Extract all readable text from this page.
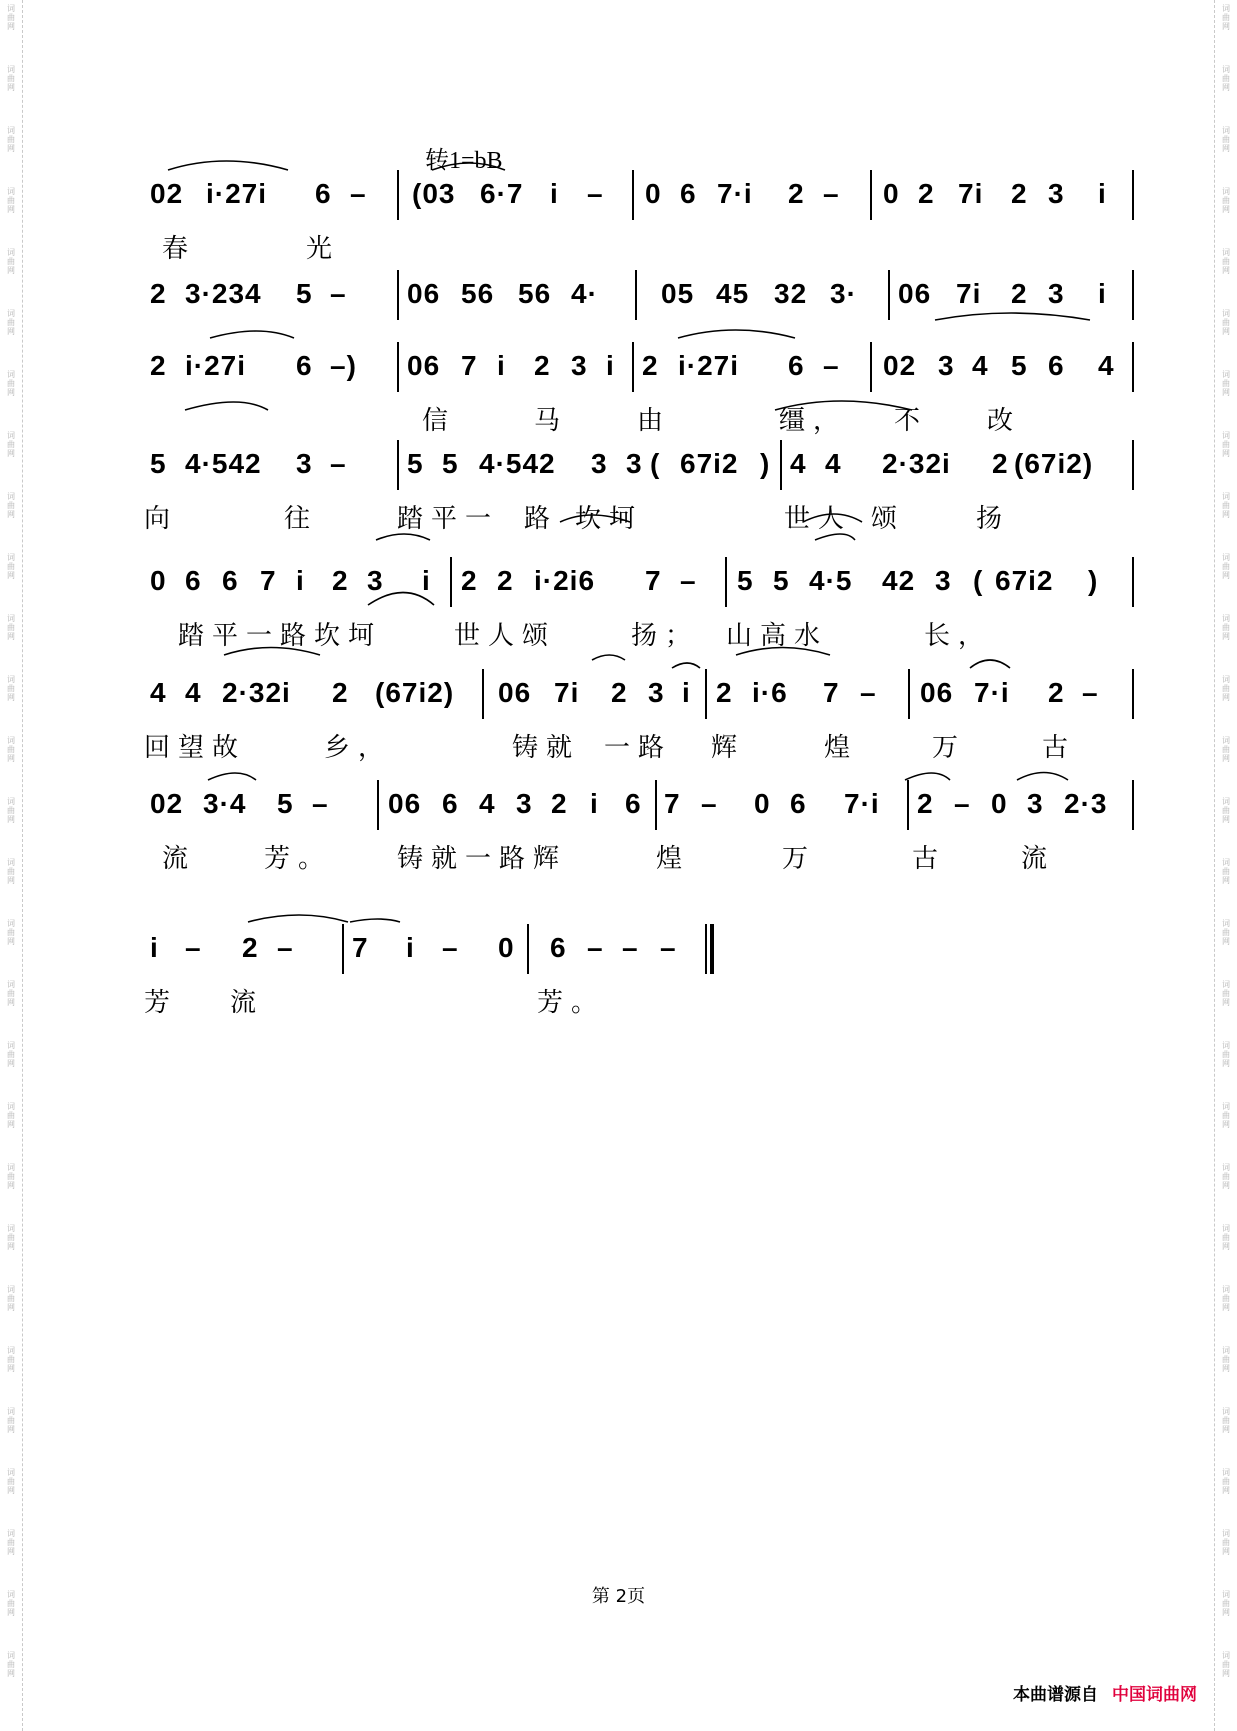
词
曲
网
词
曲
网
词
曲
网
词
曲
网
词
曲
网
词
曲
网
词
曲
网
词
曲
网
词
曲
网
词
曲
网
词
曲
网
词
曲
网
词
曲
网
词
曲
网
词
曲
网
词
曲
网
词
曲
网
词
曲
网
词
曲
网
词
曲
网
词
曲
网
词
曲
网
词
曲
网
词
曲
网
词
曲
网
词
曲
网
词
曲
网
词
曲
网
词
曲
网
词
曲
网
词
曲
网
词
曲
网
词
曲
网
词
曲
网
词
曲
网
词
曲
网
词
曲
网
词
曲
网
词
曲
网
词
曲
网
词
曲
网
词
曲
网
词
曲
网
词
曲
网
词
曲
网
词
曲
网
词
曲
网
词
曲
网
词
曲
网
词
曲
网
词
曲
网
词
曲
网
词
曲
网
词
曲
网
词
曲
网
词
曲
网
转1=bB
02 i·27i 6 – (03 6·7 i – 0 6 7·i 2 – 0 2 7i 2 3 i
春	光
2 3·234 5 – 06 56 56 4· 05 45 32 3· 06 7i 2 3 i
2 i·27i 6 –) 06 7 i 2 3 i 2 i·27i 6 – 02 3 4 5 6 4
信	马	由	缰， 不 改
5 4·542 3 – 5 5 4·542 3 3 ( 67i2 ) 4 4 2·32i 2 (67i2)
向	往	踏平一 路 坎坷	世人 颂	扬
0 6 6 7 i 2 3 i 2 2 i·2i6 7 – 5 5 4·5 42 3 ( 67i2 )
踏平一路坎坷	世人颂	扬； 山高水	长，
4 4 2·32i 2 (67i2) 06 7i 2 3 i 2 i·6 7 – 06 7·i 2 –
回望故	乡，	铸就 一路 辉	煌	万	古
02 3·4 5 – 06 6 4 3 2 i 6 7 – 0 6 7·i 2 – 0 3 2·3
流	芳。 铸就一路辉	煌	万	古	流
i – 2 – 7 i – 0 6 – – –
芳 流	芳。
第 2页
本曲谱源自 中国词曲网
